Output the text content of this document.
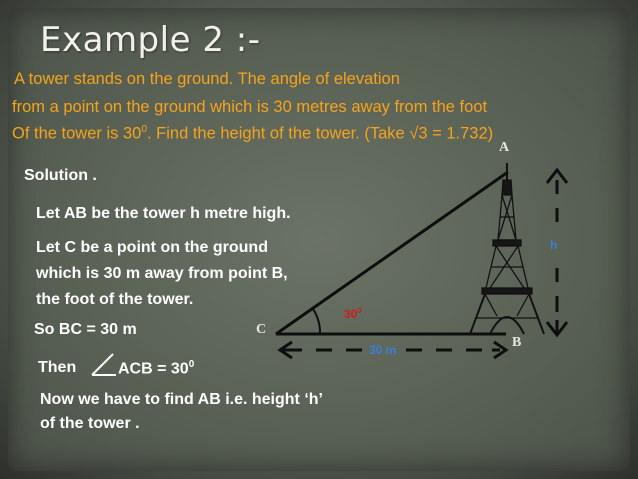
Example 2 :-
A tower stands on the ground. The angle of elevation
from a point on the ground which is 30 metres away from the foot
Of the tower is $30^0$. Find the height of the tower. (Take √3 = 1.732)
Solution .
Let AB be the tower h metre high.
Let C be a point on the ground
which is 30 m away from point B,
the foot of the tower.
So BC = 30 m
Then	ACB = $30^0$
Now we have to find AB i.e. height ‘h’
of the tower .
A
B
C
$30^0$
30 m
h
